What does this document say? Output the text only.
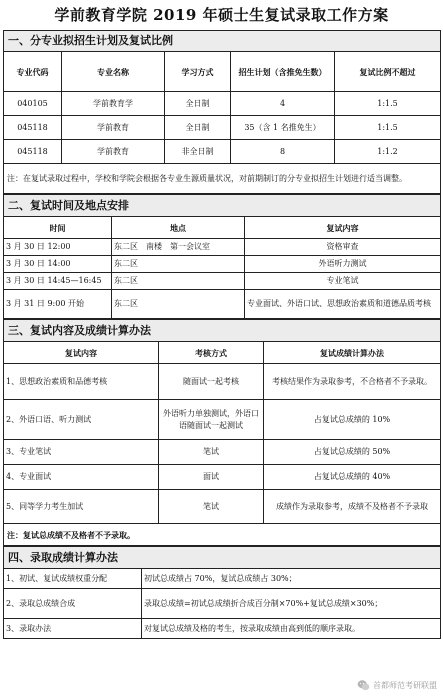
学前教育学院 2019 年硕士生复试录取工作方案
一、分专业拟招生计划及复试比例				
专业代码	专业名称	学习方式	招生计划（含推免生数）	复试比例不超过
040105	学前教育学	全日制	4	1:1.5
045118	学前教育	全日制	35（含 1 名推免生）	1:1.5
045118	学前教育	非全日制	8	1:1.2
注：在复试录取过程中，学校和学院会根据各专业生源质量状况，对前期制订的分专业拟招生计划进行适当调整。				
二、复试时间及地点安排		
时间	地点	复试内容
3 月 30 日 12:00	东二区　南楼　第一会议室	资格审查
3 月 30 日 14:00	东二区	外语听力测试
3 月 30 日 14:45—16:45	东二区	专业笔试
3 月 31 日 9:00 开始	东二区	专业面试、外语口试、思想政治素质和道德品质考核
三、复试内容及成绩计算办法		
复试内容	考核方式	复试成绩计算办法
1、思想政治素质和品德考核	随面试一起考核	考核结果作为录取参考，不合格者不予录取。
2、外语口语、听力测试	外语听力单独测试，外语口语随面试一起测试	占复试总成绩的 10%
3、专业笔试	笔试	占复试总成绩的 50%
4、专业面试	面试	占复试总成绩的 40%
5、同等学力考生加试	笔试	成绩作为录取参考，成绩不及格者不予录取
注：复试总成绩不及格者不予录取。		
四、录取成绩计算办法	
1、初试、复试成绩权重分配	初试总成绩占 70%，复试总成绩占 30%；
2、录取总成绩合成	录取总成绩=初试总成绩折合成百分制×70%+复试总成绩×30%；
3、录取办法	对复试总成绩及格的考生，按录取成绩由高到低的顺序录取。
首都师范考研联盟
